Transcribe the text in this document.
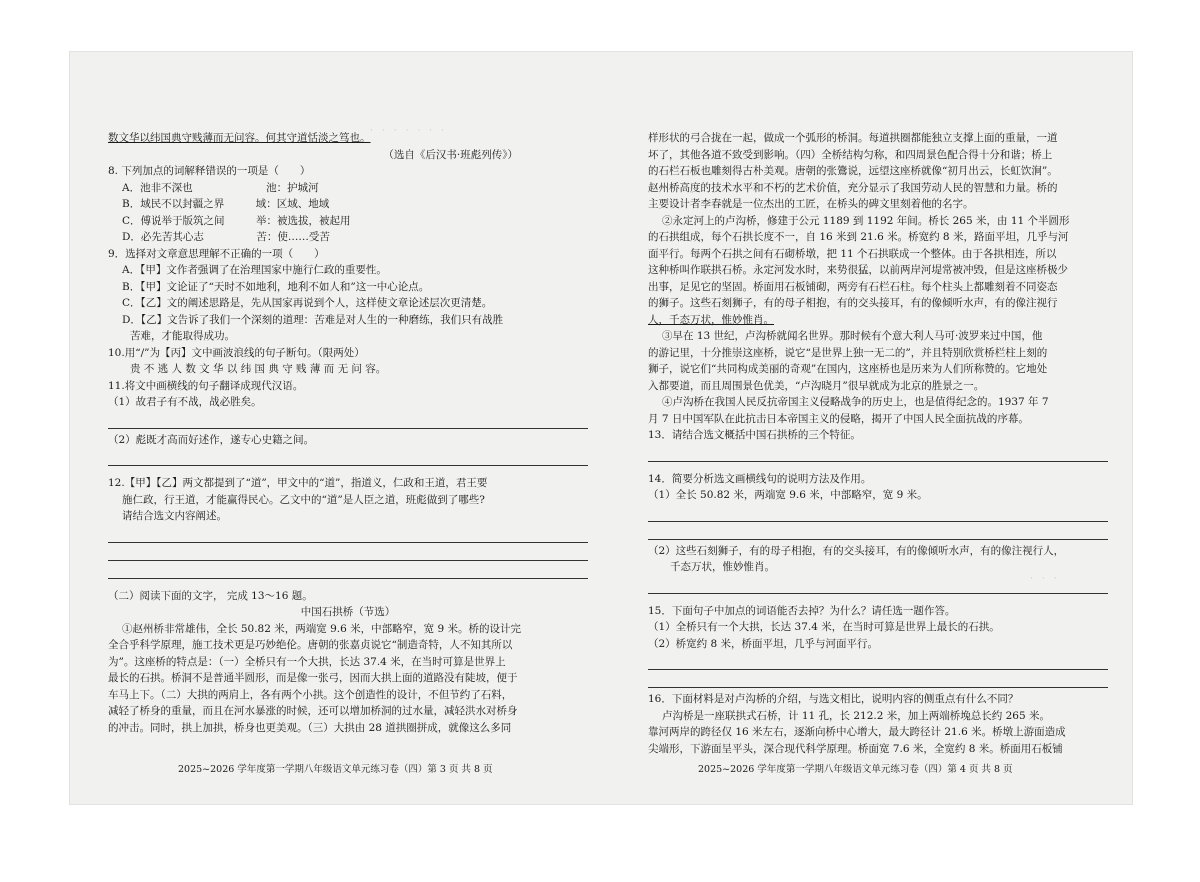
·　·　·　·　·　·　·
·　·　·
数文华以纬国典守贱薄而无问容。何其守道恬淡之笃也。
（选自《后汉书·班彪列传》）
8. 下列加点的词解释错误的一项是（　　）
A．池非不深也　　　　　　　池：护城河
B．域民不以封疆之界　　　域：区域、地域
C．傅说举于版筑之间　　　举：被选拔，被起用
D．必先苦其心志　　　　　苦：使……受苦
9．选择对文章意思理解不正确的一项（　　）
A．【甲】文作者强调了在治理国家中施行仁政的重要性。
B．【甲】文论证了“天时不如地利，地利不如人和”这一中心论点。
C．【乙】文的阐述思路是，先从国家再说到个人，这样使文章论述层次更清楚。
D．【乙】文告诉了我们一个深刻的道理：苦难是对人生的一种磨练，我们只有战胜
苦难，才能取得成功。
10.用“/”为【丙】文中画波浪线的句子断句。（限两处）
贵 不 逃 人 数 文 华 以 纬 国 典 守 贱 薄 而 无 问 容。
11.将文中画横线的句子翻译成现代汉语。
（1）故君子有不战，战必胜矣。
（2）彪既才高而好述作，遂专心史籍之间。
12.【甲】【乙】两文都提到了“道”，甲文中的“道”，指道义，仁政和王道，君王要
施仁政，行王道，才能赢得民心。乙文中的“道”是人臣之道，班彪做到了哪些?
请结合选文内容阐述。
（二）阅读下面的文字， 完成 13～16 题。
中国石拱桥（节选）
①赵州桥非常雄伟，全长 50.82 米，两端宽 9.6 米，中部略窄，宽 9 米。桥的设计完
全合乎科学原理，施工技术更是巧妙绝伦。唐朝的张嘉贞说它“制造奇特，人不知其所以
为”。这座桥的特点是：（一）全桥只有一个大拱，长达 37.4 米，在当时可算是世界上
最长的石拱。桥洞不是普通半圆形，而是像一张弓，因而大拱上面的道路没有陡坡，便于
车马上下。（二）大拱的两肩上，各有两个小拱。这个创造性的设计，不但节约了石料，
减轻了桥身的重量，而且在河水暴涨的时候，还可以增加桥洞的过水量，减轻洪水对桥身
的冲击。同时，拱上加拱，桥身也更美观。（三）大拱由 28 道拱圈拼成，就像这么多同
2025~2026 学年度第一学期八年级语文单元练习卷（四）第 3 页 共 8 页
样形状的弓合拢在一起，做成一个弧形的桥洞。每道拱圈都能独立支撑上面的重量，一道
坏了，其他各道不致受到影响。（四）全桥结构匀称，和四周景色配合得十分和谐；桥上
的石栏石板也雕刻得古朴美观。唐朝的张鷟说，远望这座桥就像“初月出云，长虹饮涧”。
赵州桥高度的技术水平和不朽的艺术价值，充分显示了我国劳动人民的智慧和力量。桥的
主要设计者李春就是一位杰出的工匠，在桥头的碑文里刻着他的名字。
②永定河上的卢沟桥，修建于公元 1189 到 1192 年间。桥长 265 米，由 11 个半圆形
的石拱组成，每个石拱长度不一，自 16 米到 21.6 米。桥宽约 8 米，路面平坦，几乎与河
面平行。每两个石拱之间有石砌桥墩，把 11 个石拱联成一个整体。由于各拱相连，所以
这种桥叫作联拱石桥。永定河发水时，来势很猛，以前两岸河堤常被冲毁，但是这座桥极少
出事，足见它的坚固。桥面用石板铺砌，两旁有石栏石柱。每个柱头上都雕刻着不同姿态
的狮子。这些石刻狮子，有的母子相抱，有的交头接耳，有的像倾听水声，有的像注视行
人，千态万状，惟妙惟肖。
③早在 13 世纪，卢沟桥就闻名世界。那时候有个意大利人马可·波罗来过中国，他
的游记里，十分推崇这座桥，说它“是世界上独一无二的”，并且特别欣赏桥栏柱上刻的
狮子，说它们“共同构成美丽的奇观”在国内，这座桥也是历来为人们所称赞的。它地处
入都要道，而且周围景色优美，“卢沟晓月”很早就成为北京的胜景之一。
④卢沟桥在我国人民反抗帝国主义侵略战争的历史上，也是值得纪念的。1937 年 7
月 7 日中国军队在此抗击日本帝国主义的侵略，揭开了中国人民全面抗战的序幕。
13．请结合选文概括中国石拱桥的三个特征。
14．简要分析选文画横线句的说明方法及作用。
（1）全长 50.82 米，两端宽 9.6 米，中部略窄，宽 9 米。
（2）这些石刻狮子，有的母子相抱，有的交头接耳，有的像倾听水声，有的像注视行人，
千态万状，惟妙惟肖。
15．下面句子中加点的词语能否去掉？为什么？请任选一题作答。
（1）全桥只有一个大拱，长达 37.4 米，在当时可算是世界上最长的石拱。
（2）桥宽约 8 米，桥面平坦，几乎与河面平行。
16．下面材料是对卢沟桥的介绍，与选文相比，说明内容的侧重点有什么不同？
卢沟桥是一座联拱式石桥，计 11 孔，长 212.2 米，加上两端桥堍总长约 265 米。
靠河两岸的跨径仅 16 米左右，逐渐向桥中心增大，最大跨径计 21.6 米。桥墩上游面造成
尖端形，下游面呈平头，深合现代科学原理。桥面宽 7.6 米，全宽约 8 米。桥面用石板铺
2025~2026 学年度第一学期八年级语文单元练习卷（四）第 4 页 共 8 页
